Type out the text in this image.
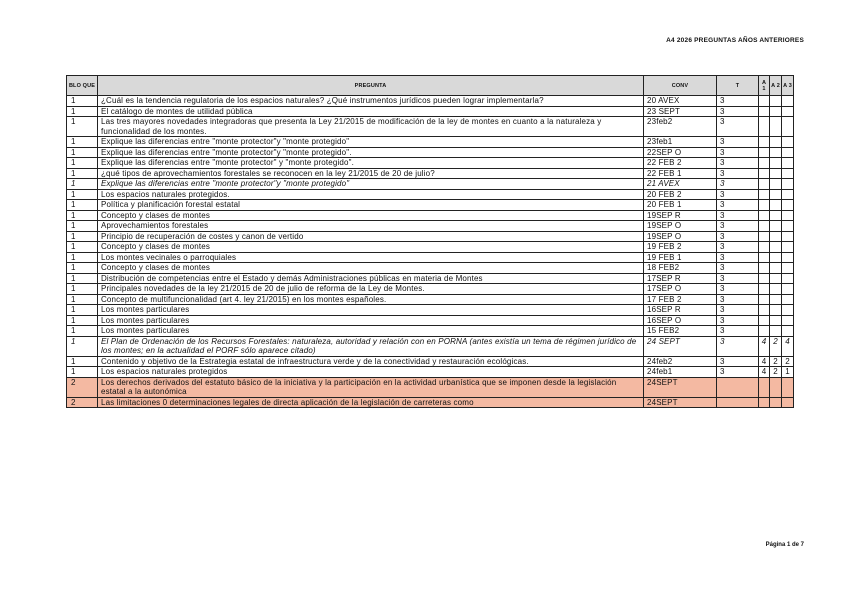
A4 2026 PREGUNTAS AÑOS ANTERIORES
BLO QUE	PREGUNTA	CONV	T	A 1	A 2	A 3
1	¿Cuál es la tendencia regulatoria de los espacios naturales? ¿Qué instrumentos jurídicos pueden lograr implementarla?	20 AVEX	3			
1	El catálogo de montes de utilidad pública	23 SEPT	3			
1	Las tres mayores novedades integradoras que presenta la Ley 21/2015 de modificación de la ley de montes en cuanto a la naturaleza y funcionalidad de los montes.	23feb2	3			
1	Explique las diferencias entre "monte protector"y "monte protegido"	23feb1	3			
1	Explique las diferencias entre "monte protector"y "monte protegido".	22SEP O	3			
1	Explique las diferencias entre "monte protector" y "monte protegido".	22 FEB 2	3			
1	¿qué tipos de aprovechamientos forestales se reconocen en la ley 21/2015 de 20 de julio?	22 FEB 1	3			
1	Explique las diferencias entre "monte protector"y "monte protegido"	21 AVEX	3			
1	Los espacios naturales protegidos.	20 FEB 2	3			
1	Política y planificación forestal estatal	20 FEB 1	3			
1	Concepto y clases de montes	19SEP R	3			
1	Aprovechamientos forestales	19SEP O	3			
1	Principio de recuperación de costes y canon de vertido	19SEP O	3			
1	Concepto y clases de montes	19 FEB 2	3			
1	Los montes vecinales o parroquiales	19 FEB 1	3			
1	Concepto y clases de montes	18 FEB2	3			
1	Distribución de competencias entre el Estado y demás Administraciones públicas en materia de Montes	17SEP R	3			
1	Principales novedades de la ley 21/2015 de 20 de julio de reforma de la Ley de Montes.	17SEP O	3			
1	Concepto de multifuncionalidad (art 4. ley 21/2015) en los montes españoles.	17 FEB 2	3			
1	Los montes particulares	16SEP R	3			
1	Los montes particulares	16SEP O	3			
1	Los montes particulares	15 FEB2	3			
1	El Plan de Ordenación de los Recursos Forestales: naturaleza, autoridad y relación con en PORNA (antes existía un tema de régimen jurídico de los montes; en la actualidad el PORF sólo aparece citado)	24 SEPT	3	4	2	4
1	Contenido y objetivo de la Estrategia estatal de infraestructura verde y de la conectividad y restauración ecológicas.	24feb2	3	4	2	2
1	Los espacios naturales protegidos	24feb1	3	4	2	1
2	Los derechos derivados del estatuto básico de la iniciativa y la participación en la actividad urbanística que se imponen desde la legislación estatal a la autonómica	24SEPT				
2	Las limitaciones 0 determinaciones legales de directa aplicación de la legislación de carreteras como	24SEPT				
Página 1 de 7
